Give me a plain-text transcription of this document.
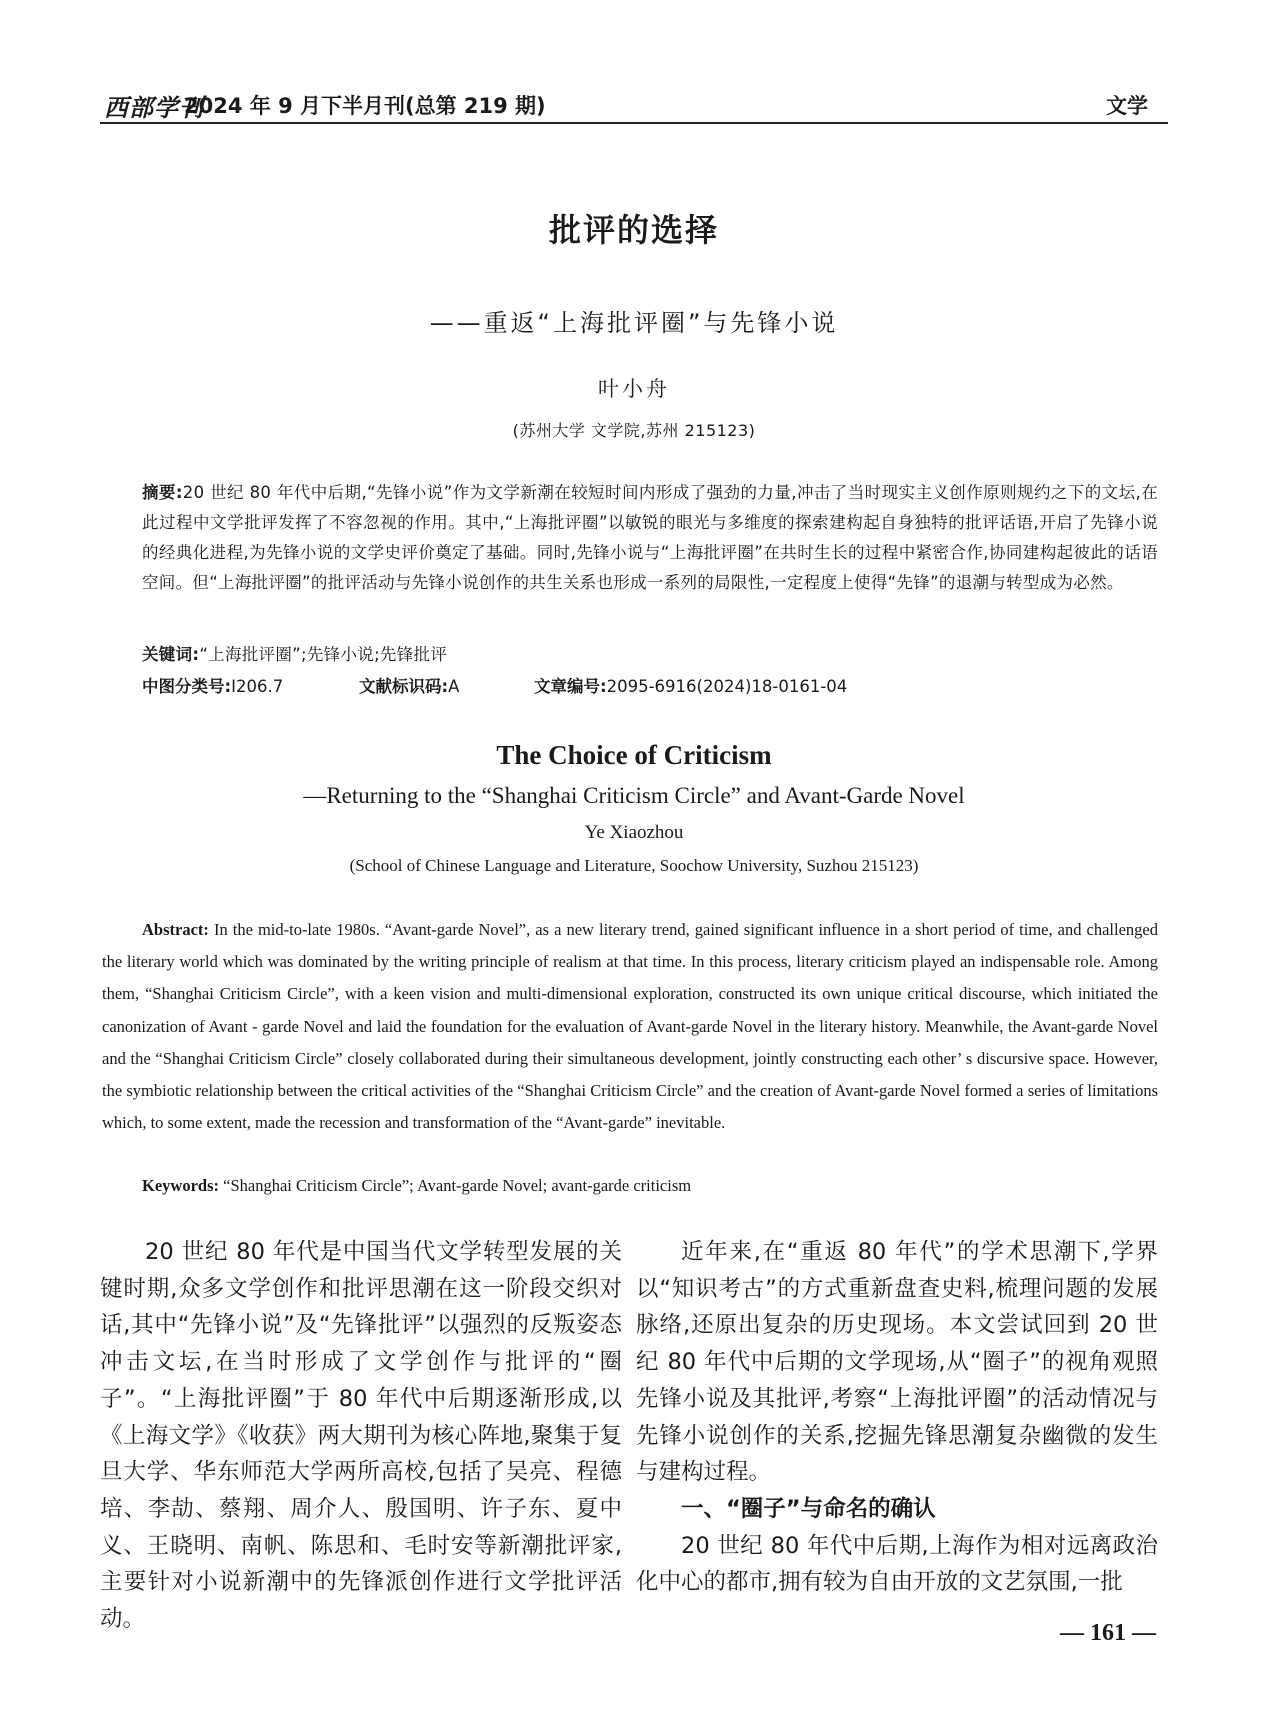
西部学刊
2024 年 9 月下半月刊(总第 219 期)	文学
批评的选择
——重返“上海批评圈”与先锋小说
叶小舟
(苏州大学 文学院,苏州 215123)
摘要:20 世纪 80 年代中后期,“先锋小说”作为文学新潮在较短时间内形成了强劲的力量,冲击了当时现实主义创作原则规约之下的文坛,在此过程中文学批评发挥了不容忽视的作用。其中,“上海批评圈”以敏锐的眼光与多维度的探索建构起自身独特的批评话语,开启了先锋小说的经典化进程,为先锋小说的文学史评价奠定了基础。同时,先锋小说与“上海批评圈”在共时生长的过程中紧密合作,协同建构起彼此的话语空间。但“上海批评圈”的批评活动与先锋小说创作的共生关系也形成一系列的局限性,一定程度上使得“先锋”的退潮与转型成为必然。
关键词:“上海批评圈”;先锋小说;先锋批评
中图分类号:I206.7	文献标识码:A	文章编号:2095-6916(2024)18-0161-04
The Choice of Criticism
—Returning to the “Shanghai Criticism Circle” and Avant-Garde Novel
Ye Xiaozhou
(School of Chinese Language and Literature, Soochow University, Suzhou 215123)
Abstract: In the mid-to-late 1980s. “Avant-garde Novel”, as a new literary trend, gained significant influence in a short period of time, and challenged the literary world which was dominated by the writing principle of realism at that time. In this process, literary criticism played an indispensable role. Among them, “Shanghai Criticism Circle”, with a keen vision and multi-dimensional exploration, constructed its own unique critical discourse, which initiated the canonization of Avant - garde Novel and laid the foundation for the evaluation of Avant-garde Novel in the literary history. Meanwhile, the Avant-garde Novel and the “Shanghai Criticism Circle” closely collaborated during their simultaneous development, jointly constructing each other’ s discursive space. However, the symbiotic relationship between the critical activities of the “Shanghai Criticism Circle” and the creation of Avant-garde Novel formed a series of limitations which, to some extent, made the recession and transformation of the “Avant-garde” inevitable.
Keywords: “Shanghai Criticism Circle”; Avant-garde Novel; avant-garde criticism

20 世纪 80 年代是中国当代文学转型发展的关键时期,众多文学创作和批评思潮在这一阶段交织对话,其中“先锋小说”及“先锋批评”以强烈的反叛姿态冲击文坛,在当时形成了文学创作与批评的“圈子”。“上海批评圈”于 80 年代中后期逐渐形成,以《上海文学》《收获》两大期刊为核心阵地,聚集于复旦大学、华东师范大学两所高校,包括了吴亮、程德培、李劼、蔡翔、周介人、殷国明、许子东、夏中义、王晓明、南帆、陈思和、毛时安等新潮批评家,主要针对小说新潮中的先锋派创作进行文学批评活动。

近年来,在“重返 80 年代”的学术思潮下,学界以“知识考古”的方式重新盘查史料,梳理问题的发展脉络,还原出复杂的历史现场。本文尝试回到 20 世纪 80 年代中后期的文学现场,从“圈子”的视角观照先锋小说及其批评,考察“上海批评圈”的活动情况与先锋小说创作的关系,挖掘先锋思潮复杂幽微的发生与建构过程。

一、“圈子”与命名的确认

20 世纪 80 年代中后期,上海作为相对远离政治化中心的都市,拥有较为自由开放的文艺氛围,一批

— 161 —
